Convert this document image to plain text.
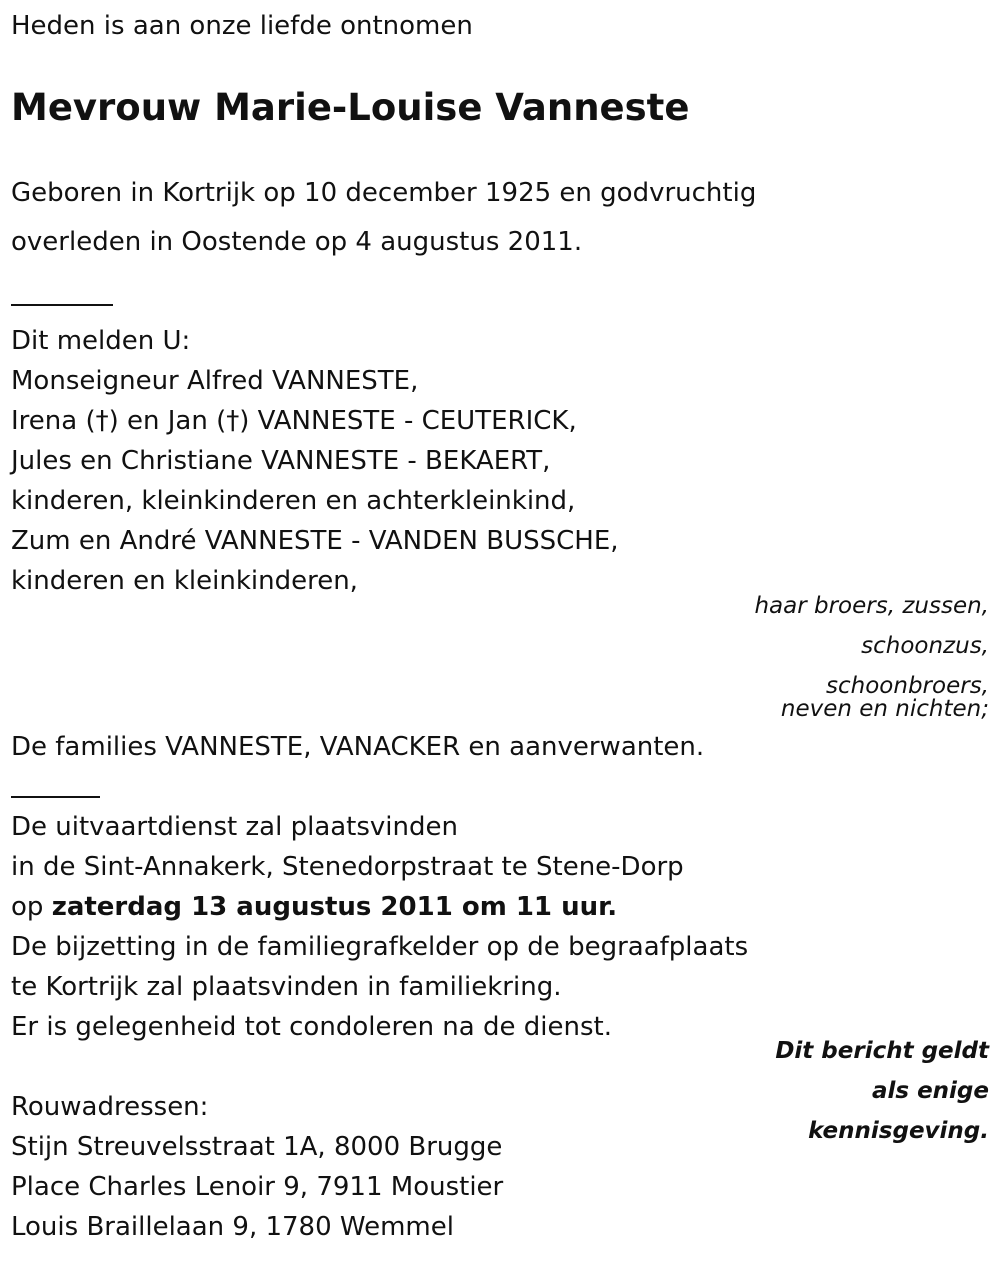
Heden is aan onze liefde ontnomen
Mevrouw Marie-Louise Vanneste
Geboren in Kortrijk op 10 december 1925 en godvruchtig
overleden in Oostende op 4 augustus 2011.
Dit melden U:
Monseigneur Alfred VANNESTE,
Irena (†) en Jan (†) VANNESTE - CEUTERICK,
Jules en Christiane VANNESTE - BEKAERT,
kinderen, kleinkinderen en achterkleinkind,
Zum en André VANNESTE - VANDEN BUSSCHE,
kinderen en kleinkinderen,
haar broers, zussen,
schoonzus,
schoonbroers,
neven en nichten;
De families VANNESTE, VANACKER en aanverwanten.
De uitvaartdienst zal plaatsvinden
in de Sint-Annakerk, Stenedorpstraat te Stene-Dorp
op zaterdag 13 augustus 2011 om 11 uur.
De bijzetting in de familiegrafkelder op de begraafplaats
te Kortrijk zal plaatsvinden in familiekring.
Er is gelegenheid tot condoleren na de dienst.
Dit bericht geldt
als enige
kennisgeving.
Rouwadressen:
Stijn Streuvelsstraat 1A, 8000 Brugge
Place Charles Lenoir 9, 7911 Moustier
Louis Braillelaan 9, 1780 Wemmel
